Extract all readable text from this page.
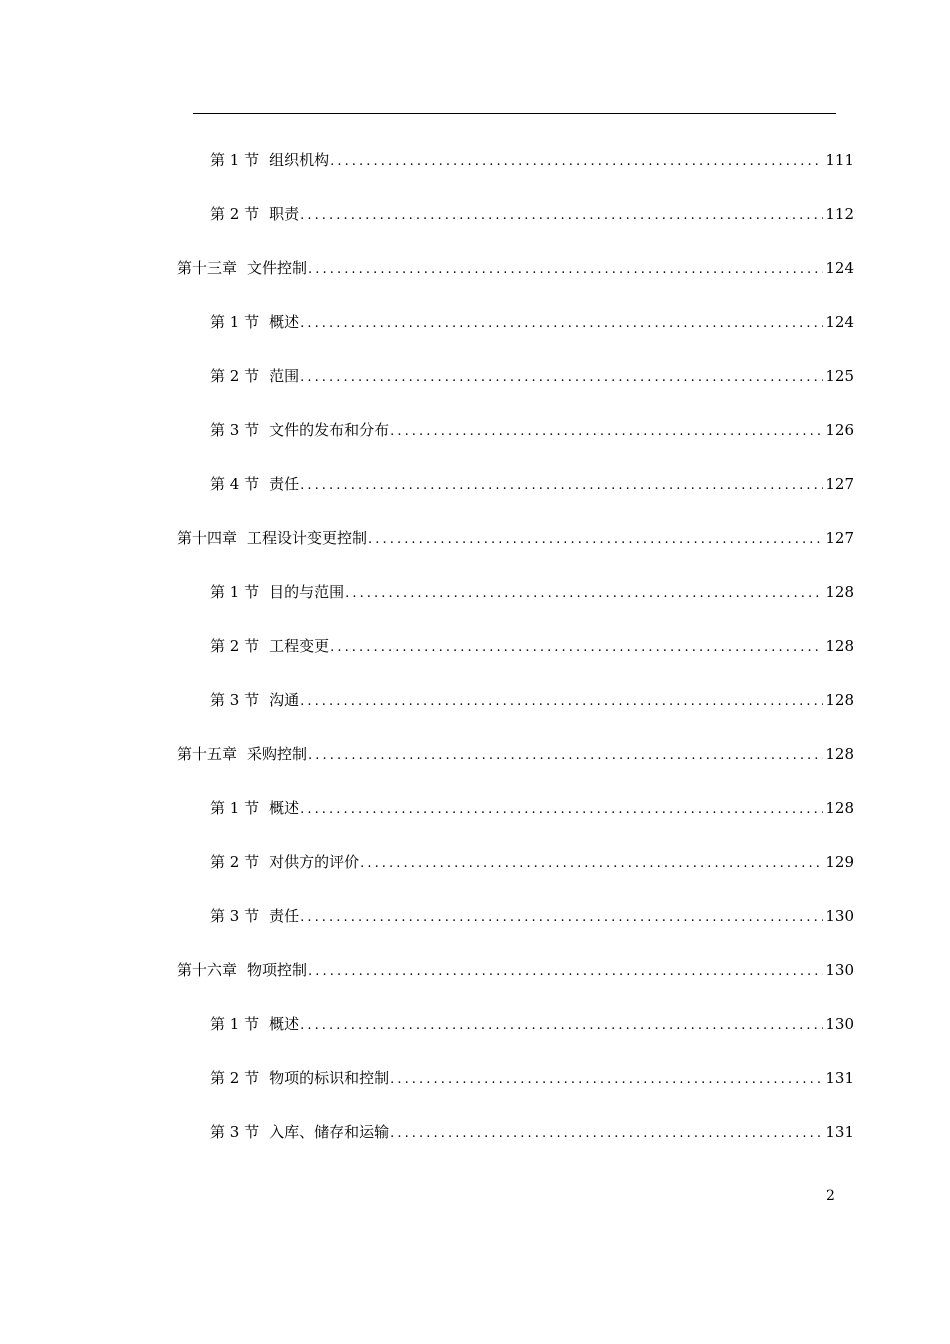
第 1 节 组织机构 .....	111
第 2 节 职责 .....	112
第十三章 文件控制 .....	124
第 1 节 概述 .....	124
第 2 节 范围 .....	125
第 3 节 文件的发布和分布 .....	126
第 4 节 责任 .....	127
第十四章 工程设计变更控制 .....	127
第 1 节 目的与范围 .....	128
第 2 节 工程变更 .....	128
第 3 节 沟通 .....	128
第十五章 采购控制 .....	128
第 1 节 概述 .....	128
第 2 节 对供方的评价 .....	129
第 3 节 责任 .....	130
第十六章 物项控制 .....	130
第 1 节 概述 .....	130
第 2 节 物项的标识和控制 .....	131
第 3 节 入库、储存和运输 .....	131
2
